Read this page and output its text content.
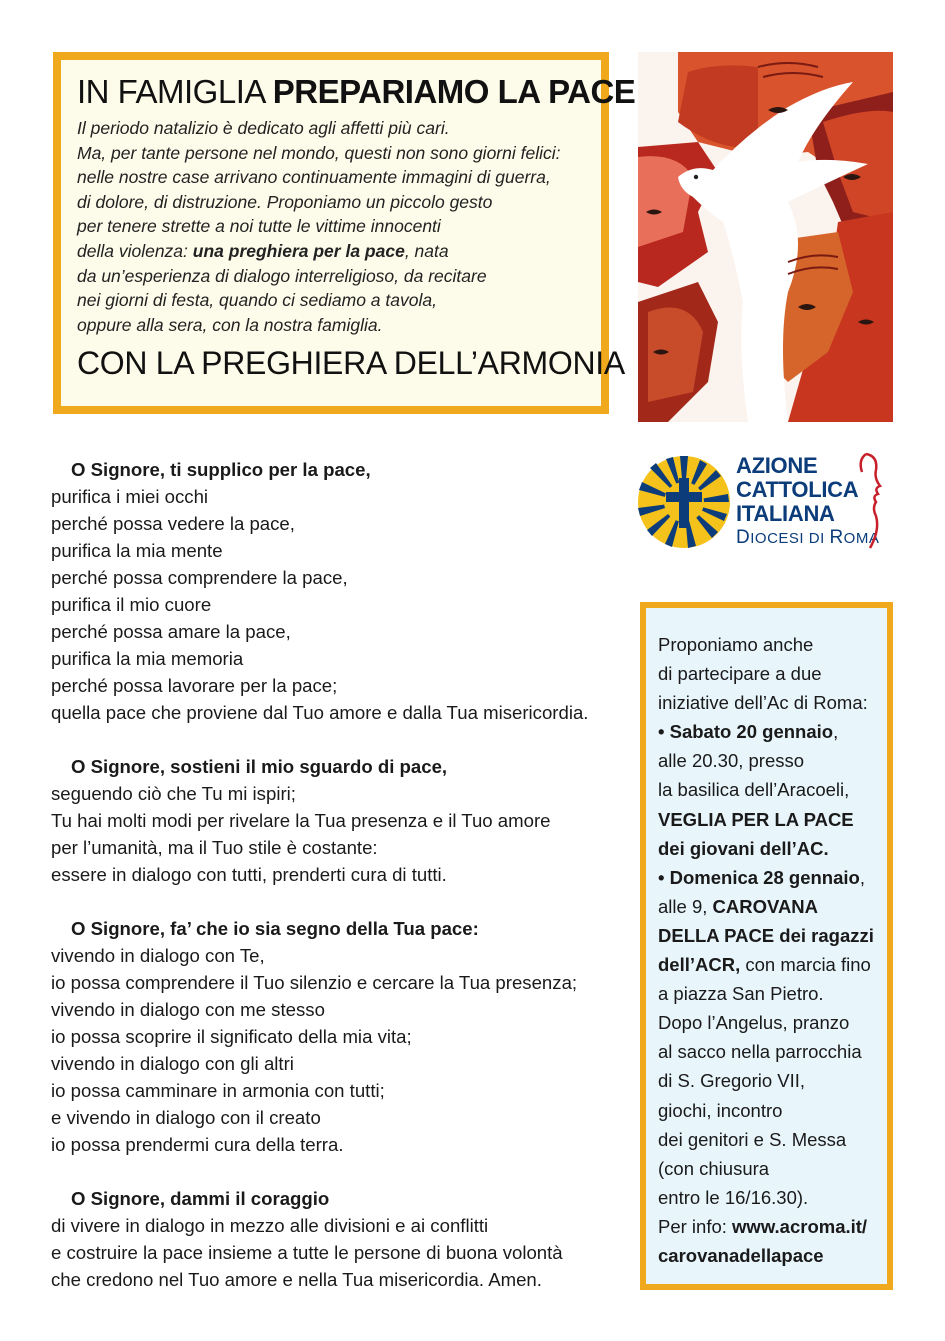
IN FAMIGLIA PREPARIAMO LA PACE
Il periodo natalizio è dedicato agli affetti più cari.
Ma, per tante persone nel mondo, questi non sono giorni felici:
nelle nostre case arrivano continuamente immagini di guerra,
di dolore, di distruzione. Proponiamo un piccolo gesto
per tenere strette a noi tutte le vittime innocenti
della violenza: una preghiera per la pace, nata
da un’esperienza di dialogo interreligioso, da recitare
nei giorni di festa, quando ci sediamo a tavola,
oppure alla sera, con la nostra famiglia.
CON LA PREGHIERA DELL’ARMONIA
AZIONE
CATTOLICA
ITALIANA
DIOCESI DI ROMA
O Signore, ti supplico per la pace,
purifica i miei occhi
perché possa vedere la pace,
purifica la mia mente
perché possa comprendere la pace,
purifica il mio cuore
perché possa amare la pace,
purifica la mia memoria
perché possa lavorare per la pace;
quella pace che proviene dal Tuo amore e dalla Tua misericordia.
O Signore, sostieni il mio sguardo di pace,
seguendo ciò che Tu mi ispiri;
Tu hai molti modi per rivelare la Tua presenza e il Tuo amore
per l’umanità, ma il Tuo stile è costante:
essere in dialogo con tutti, prenderti cura di tutti.
O Signore, fa’ che io sia segno della Tua pace:
vivendo in dialogo con Te,
io possa comprendere il Tuo silenzio e cercare la Tua presenza;
vivendo in dialogo con me stesso
io possa scoprire il significato della mia vita;
vivendo in dialogo con gli altri
io possa camminare in armonia con tutti;
e vivendo in dialogo con il creato
io possa prendermi cura della terra.
O Signore, dammi il coraggio
di vivere in dialogo in mezzo alle divisioni e ai conflitti
e costruire la pace insieme a tutte le persone di buona volontà
che credono nel Tuo amore e nella Tua misericordia. Amen.
Proponiamo anche
di partecipare a due
iniziative dell’Ac di Roma:
• Sabato 20 gennaio,
alle 20.30, presso
la basilica dell’Aracoeli,
VEGLIA PER LA PACE
dei giovani dell’AC.
• Domenica 28 gennaio,
alle 9, CAROVANA
DELLA PACE dei ragazzi
dell’ACR, con marcia fino
a piazza San Pietro.
Dopo l’Angelus, pranzo
al sacco nella parrocchia
di S. Gregorio VII,
giochi, incontro
dei genitori e S. Messa
(con chiusura
entro le 16/16.30).
Per info: www.acroma.it/
carovanadellapace
